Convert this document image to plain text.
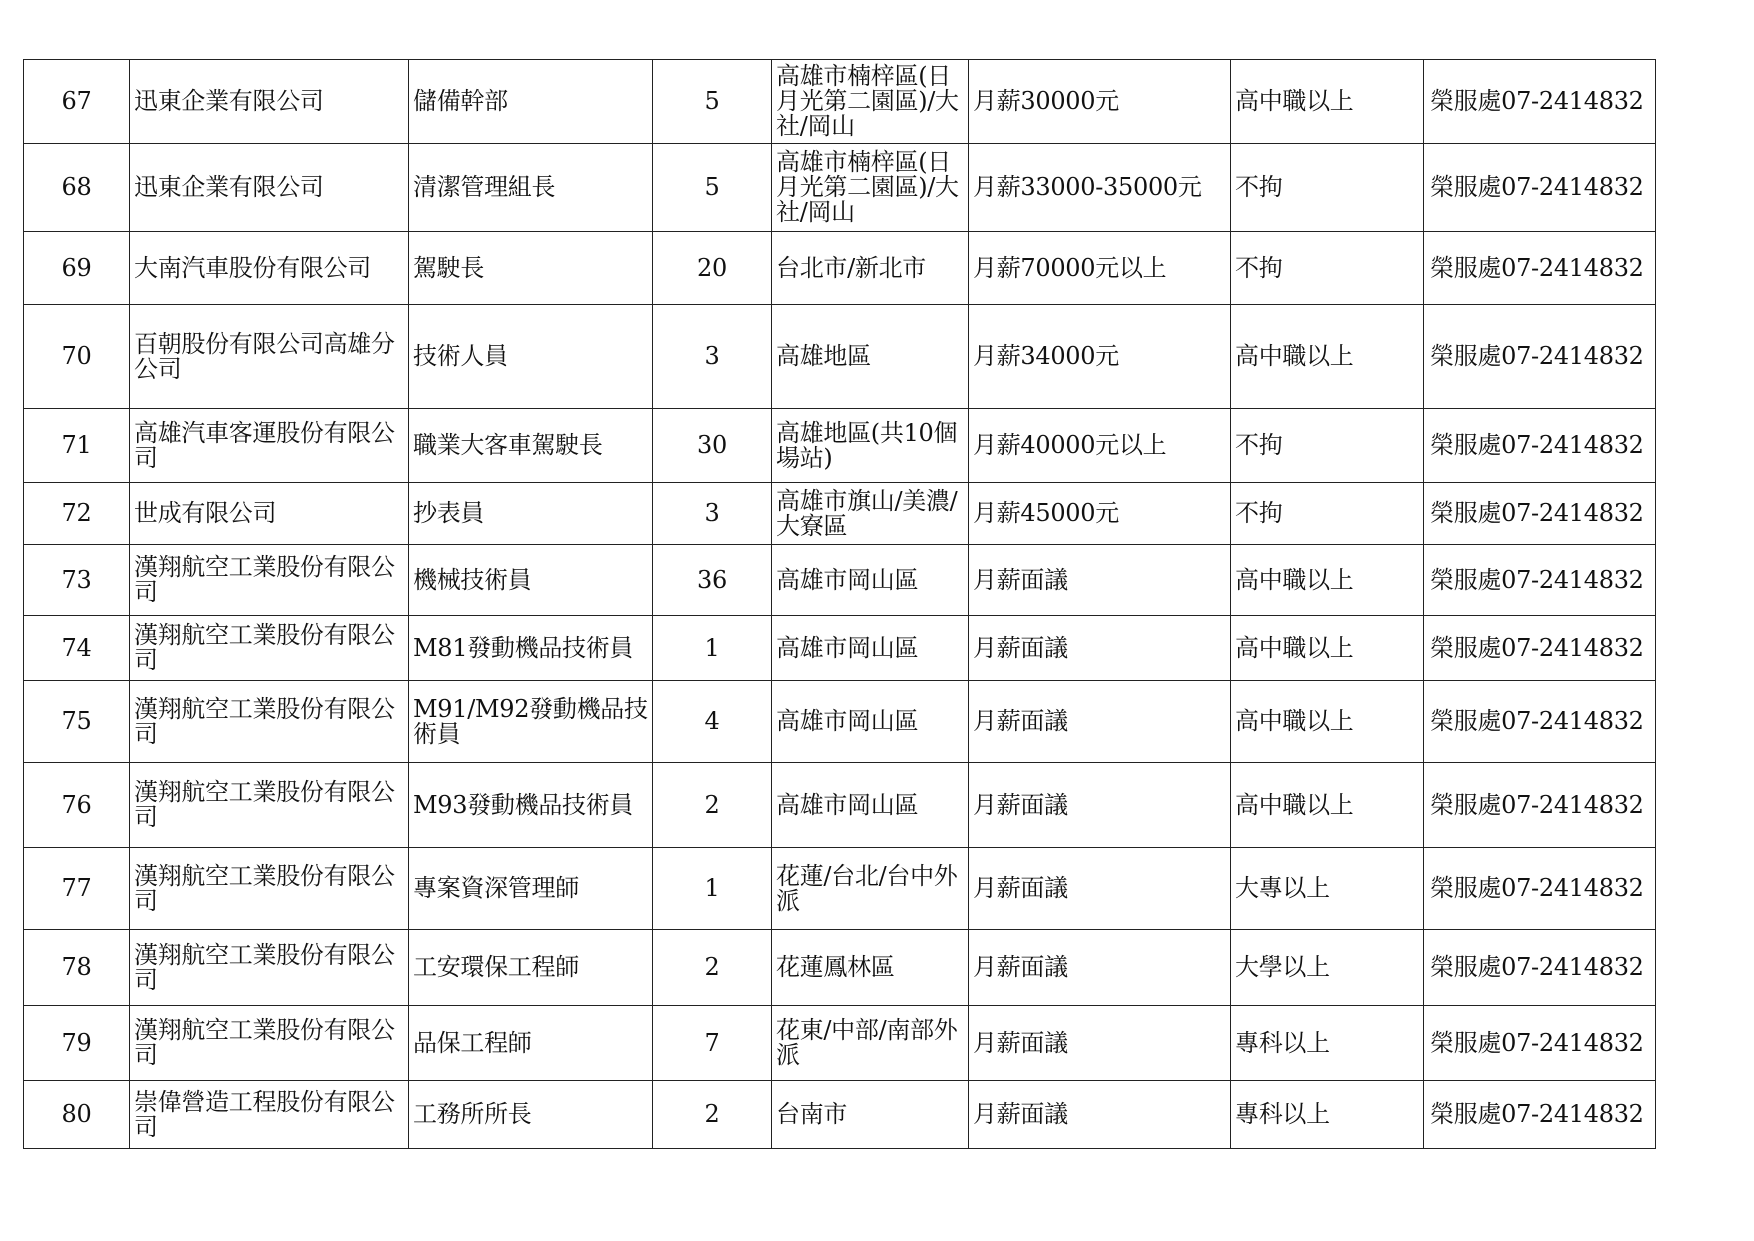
67	迅東企業有限公司	儲備幹部	5	高雄市楠梓區(日月光第二園區)/大社/岡山	月薪30000元	高中職以上	榮服處07-2414832
68	迅東企業有限公司	清潔管理組長	5	高雄市楠梓區(日月光第二園區)/大社/岡山	月薪33000-35000元	不拘	榮服處07-2414832
69	大南汽車股份有限公司	駕駛長	20	台北市/新北市	月薪70000元以上	不拘	榮服處07-2414832
70	百朝股份有限公司高雄分公司	技術人員	3	高雄地區	月薪34000元	高中職以上	榮服處07-2414832
71	高雄汽車客運股份有限公司	職業大客車駕駛長	30	高雄地區(共10個場站)	月薪40000元以上	不拘	榮服處07-2414832
72	世成有限公司	抄表員	3	高雄市旗山/美濃/大寮區	月薪45000元	不拘	榮服處07-2414832
73	漢翔航空工業股份有限公司	機械技術員	36	高雄市岡山區	月薪面議	高中職以上	榮服處07-2414832
74	漢翔航空工業股份有限公司	M81發動機品技術員	1	高雄市岡山區	月薪面議	高中職以上	榮服處07-2414832
75	漢翔航空工業股份有限公司	M91/M92發動機品技術員	4	高雄市岡山區	月薪面議	高中職以上	榮服處07-2414832
76	漢翔航空工業股份有限公司	M93發動機品技術員	2	高雄市岡山區	月薪面議	高中職以上	榮服處07-2414832
77	漢翔航空工業股份有限公司	專案資深管理師	1	花蓮/台北/台中外派	月薪面議	大專以上	榮服處07-2414832
78	漢翔航空工業股份有限公司	工安環保工程師	2	花蓮鳳林區	月薪面議	大學以上	榮服處07-2414832
79	漢翔航空工業股份有限公司	品保工程師	7	花東/中部/南部外派	月薪面議	專科以上	榮服處07-2414832
80	崇偉營造工程股份有限公司	工務所所長	2	台南市	月薪面議	專科以上	榮服處07-2414832
